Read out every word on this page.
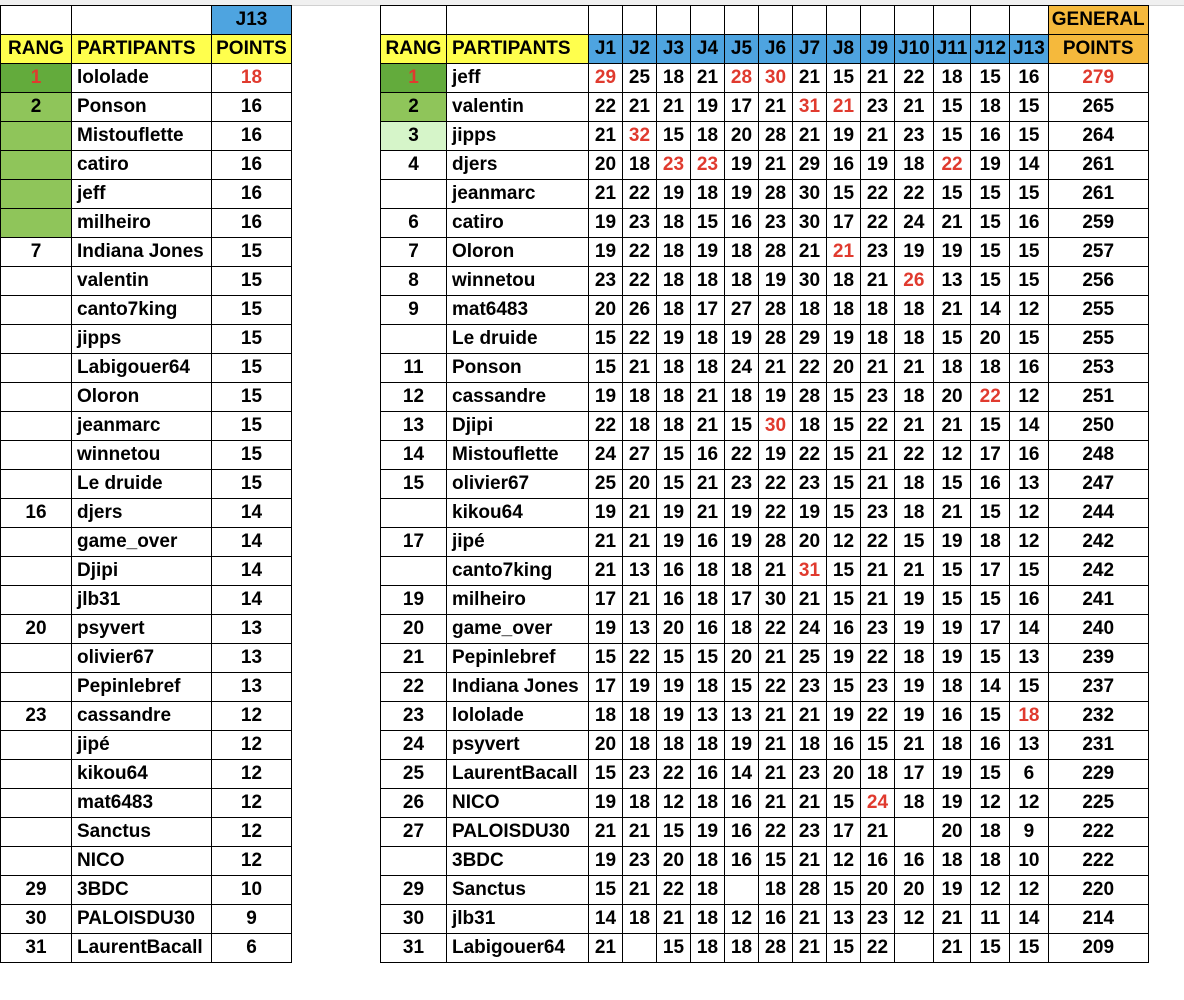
		J13
RANG	PARTIPANTS	POINTS
1	lololade	18
2	Ponson	16
	Mistouflette	16
	catiro	16
	jeff	16
	milheiro	16
7	Indiana Jones	15
	valentin	15
	canto7king	15
	jipps	15
	Labigouer64	15
	Oloron	15
	jeanmarc	15
	winnetou	15
	Le druide	15
16	djers	14
	game_over	14
	Djipi	14
	jlb31	14
20	psyvert	13
	olivier67	13
	Pepinlebref	13
23	cassandre	12
	jipé	12
	kikou64	12
	mat6483	12
	Sanctus	12
	NICO	12
29	3BDC	10
30	PALOISDU30	9
31	LaurentBacall	6
															GENERAL
RANG	PARTIPANTS	J1	J2	J3	J4	J5	J6	J7	J8	J9	J10	J11	J12	J13	POINTS
1	jeff	29	25	18	21	28	30	21	15	21	22	18	15	16	279
2	valentin	22	21	21	19	17	21	31	21	23	21	15	18	15	265
3	jipps	21	32	15	18	20	28	21	19	21	23	15	16	15	264
4	djers	20	18	23	23	19	21	29	16	19	18	22	19	14	261
	jeanmarc	21	22	19	18	19	28	30	15	22	22	15	15	15	261
6	catiro	19	23	18	15	16	23	30	17	22	24	21	15	16	259
7	Oloron	19	22	18	19	18	28	21	21	23	19	19	15	15	257
8	winnetou	23	22	18	18	18	19	30	18	21	26	13	15	15	256
9	mat6483	20	26	18	17	27	28	18	18	18	18	21	14	12	255
	Le druide	15	22	19	18	19	28	29	19	18	18	15	20	15	255
11	Ponson	15	21	18	18	24	21	22	20	21	21	18	18	16	253
12	cassandre	19	18	18	21	18	19	28	15	23	18	20	22	12	251
13	Djipi	22	18	18	21	15	30	18	15	22	21	21	15	14	250
14	Mistouflette	24	27	15	16	22	19	22	15	21	22	12	17	16	248
15	olivier67	25	20	15	21	23	22	23	15	21	18	15	16	13	247
	kikou64	19	21	19	21	19	22	19	15	23	18	21	15	12	244
17	jipé	21	21	19	16	19	28	20	12	22	15	19	18	12	242
	canto7king	21	13	16	18	18	21	31	15	21	21	15	17	15	242
19	milheiro	17	21	16	18	17	30	21	15	21	19	15	15	16	241
20	game_over	19	13	20	16	18	22	24	16	23	19	19	17	14	240
21	Pepinlebref	15	22	15	15	20	21	25	19	22	18	19	15	13	239
22	Indiana Jones	17	19	19	18	15	22	23	15	23	19	18	14	15	237
23	lololade	18	18	19	13	13	21	21	19	22	19	16	15	18	232
24	psyvert	20	18	18	18	19	21	18	16	15	21	18	16	13	231
25	LaurentBacall	15	23	22	16	14	21	23	20	18	17	19	15	6	229
26	NICO	19	18	12	18	16	21	21	15	24	18	19	12	12	225
27	PALOISDU30	21	21	15	19	16	22	23	17	21		20	18	9	222
	3BDC	19	23	20	18	16	15	21	12	16	16	18	18	10	222
29	Sanctus	15	21	22	18		18	28	15	20	20	19	12	12	220
30	jlb31	14	18	21	18	12	16	21	13	23	12	21	11	14	214
31	Labigouer64	21		15	18	18	28	21	15	22		21	15	15	209
